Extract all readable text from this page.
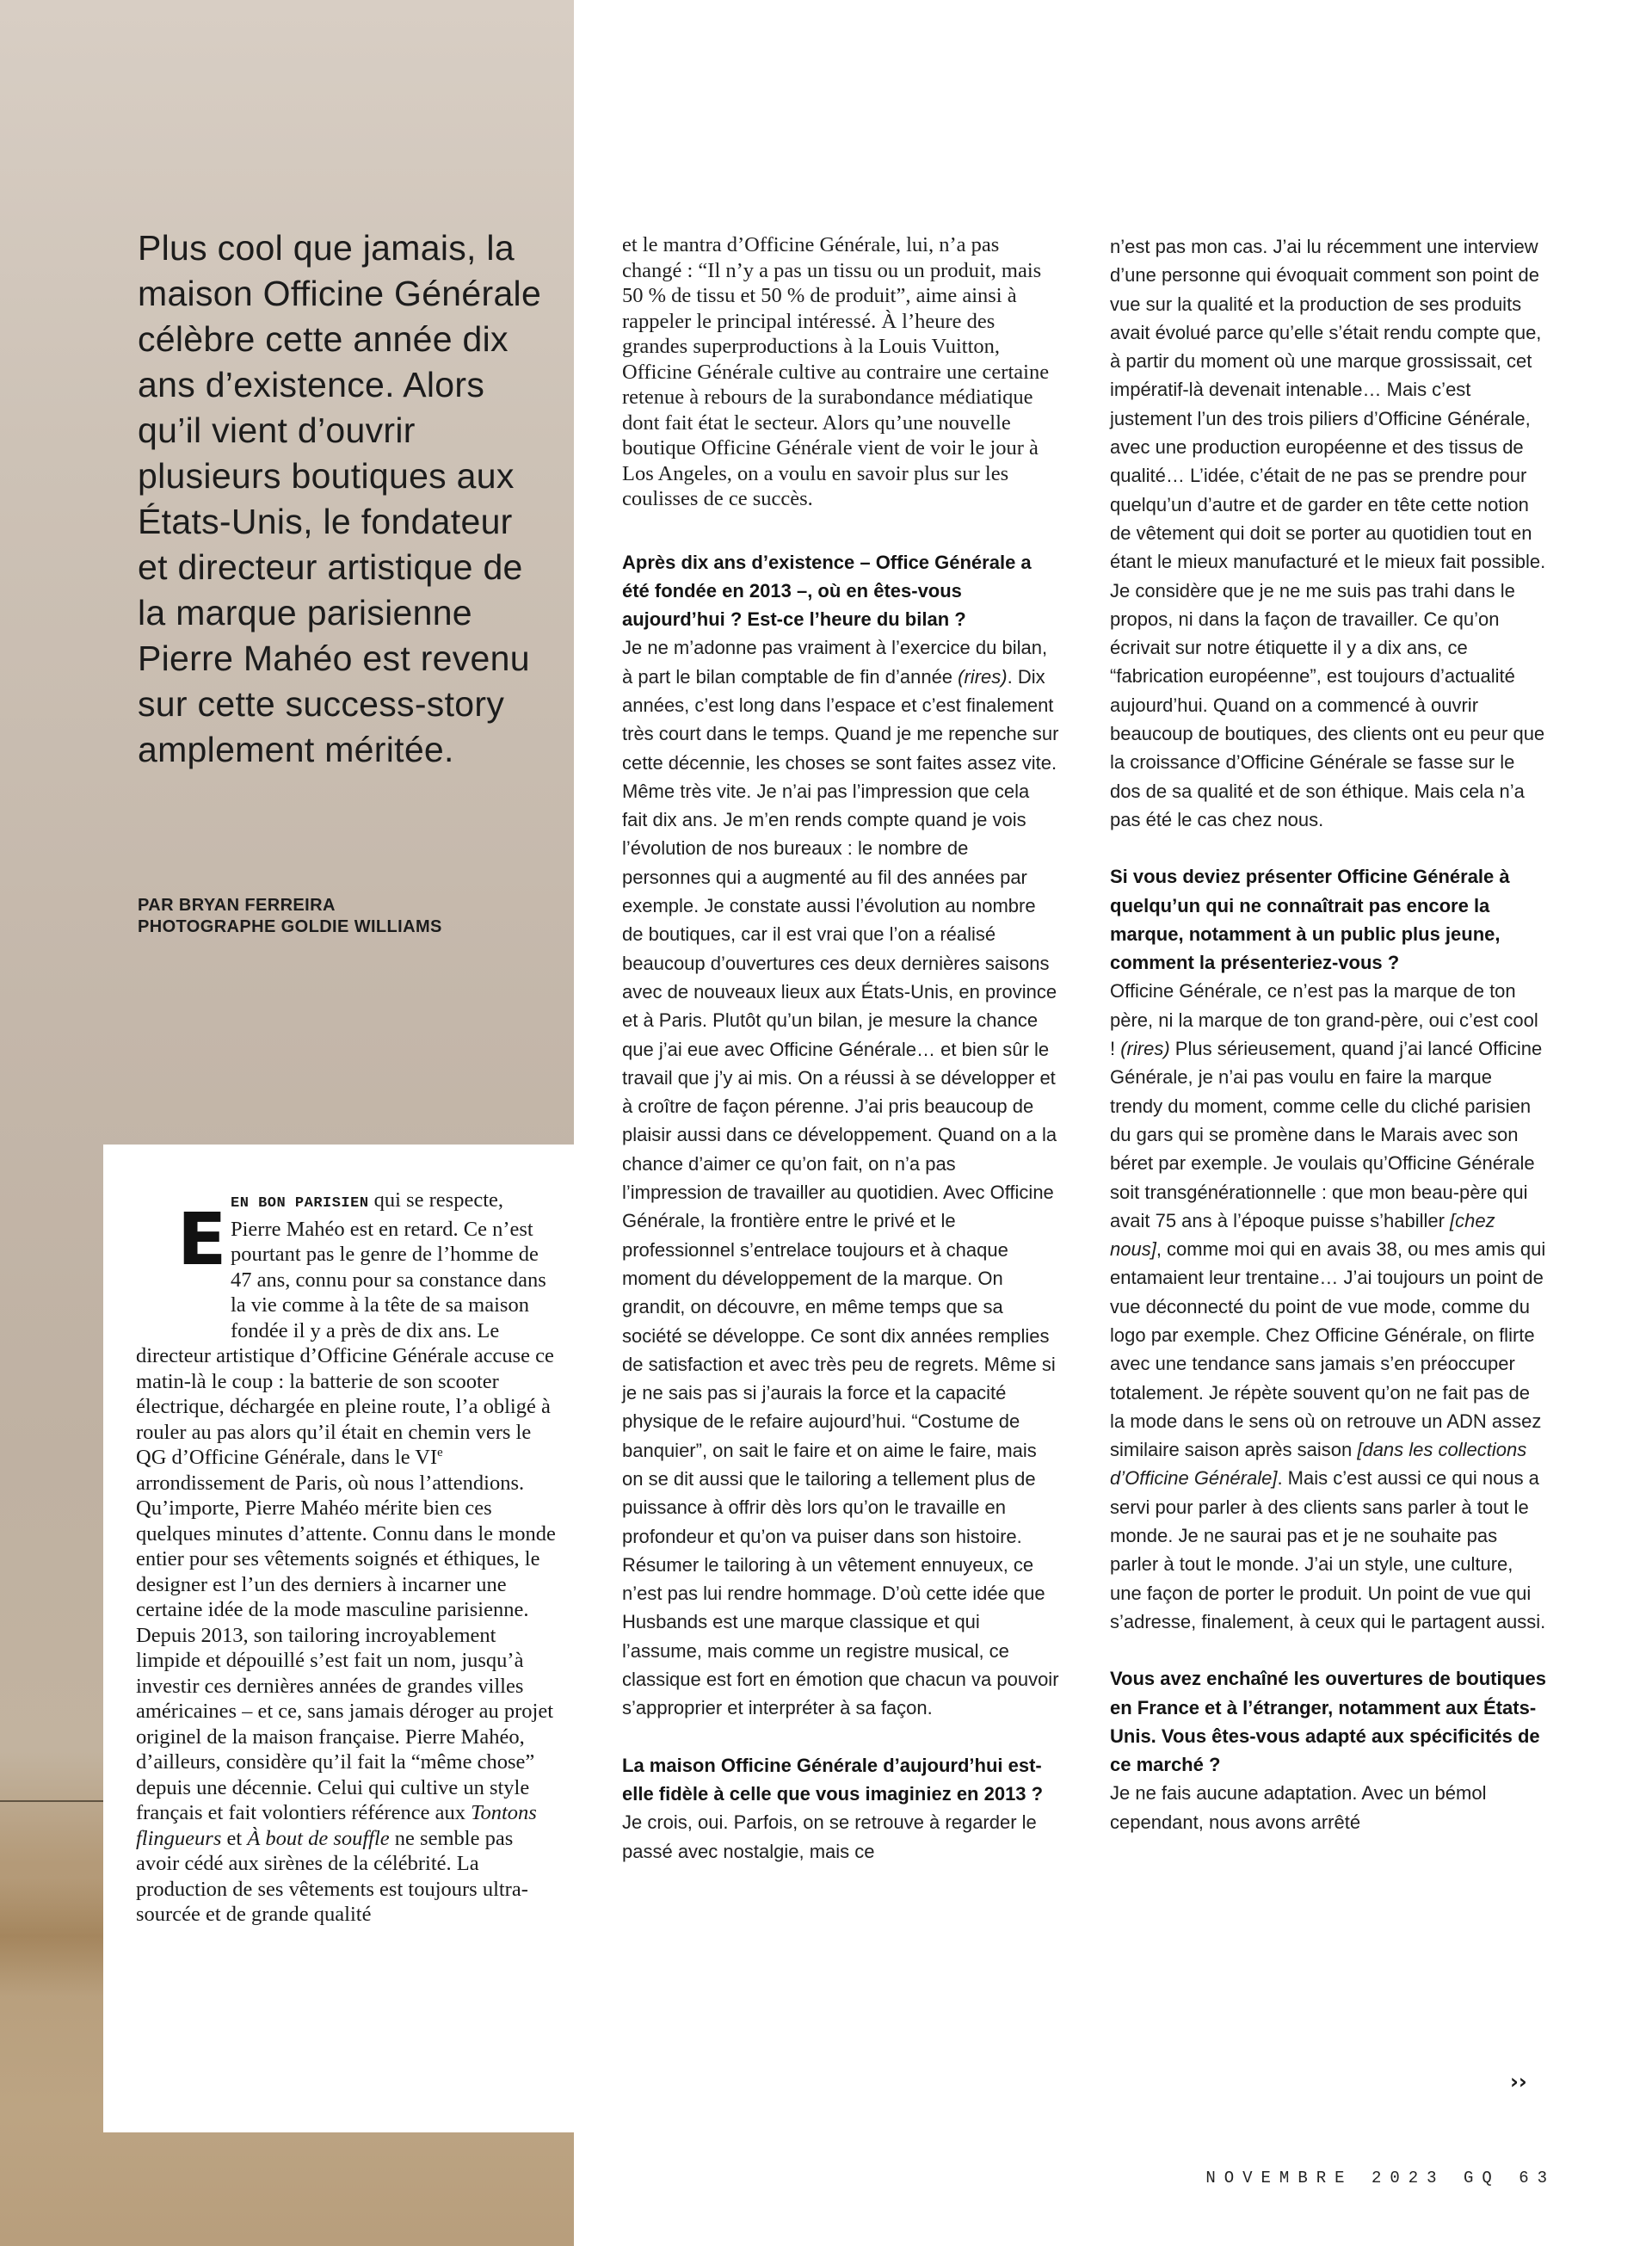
Plus cool que jamais, la maison Officine Générale célèbre cette année dix ans d’existence. Alors qu’il vient d’ouvrir plusieurs boutiques aux États-Unis, le fondateur et directeur artistique de la marque parisienne Pierre Mahéo est revenu sur cette success-story amplement méritée.
PAR BRYAN FERREIRA
PHOTOGRAPHE GOLDIE WILLIAMS
E EN BON PARISIEN qui se respecte, Pierre Mahéo est en retard. Ce n’est pourtant pas le genre de l’homme de 47 ans, connu pour sa constance dans la vie comme à la tête de sa maison fondée il y a près de dix ans. Le directeur artistique d’Officine Générale accuse ce matin-là le coup : la batterie de son scooter électrique, déchargée en pleine route, l’a obligé à rouler au pas alors qu’il était en chemin vers le QG d’Officine Générale, dans le VIe arrondissement de Paris, où nous l’attendions. Qu’importe, Pierre Mahéo mérite bien ces quelques minutes d’attente. Connu dans le monde entier pour ses vêtements soignés et éthiques, le designer est l’un des derniers à incarner une certaine idée de la mode masculine parisienne. Depuis 2013, son tailoring incroyablement limpide et dépouillé s’est fait un nom, jusqu’à investir ces dernières années de grandes villes américaines – et ce, sans jamais déroger au projet originel de la maison française. Pierre Mahéo, d’ailleurs, considère qu’il fait la “même chose” depuis une décennie. Celui qui cultive un style français et fait volontiers référence aux Tontons flingueurs et À bout de souffle ne semble pas avoir cédé aux sirènes de la célébrité. La production de ses vêtements est toujours ultra-sourcée et de grande qualité

et le mantra d’Officine Générale, lui, n’a pas changé : “Il n’y a pas un tissu ou un produit, mais 50 % de tissu et 50 % de produit”, aime ainsi à rappeler le principal intéressé. À l’heure des grandes superproductions à la Louis Vuitton, Officine Générale cultive au contraire une certaine retenue à rebours de la surabondance médiatique dont fait état le secteur. Alors qu’une nouvelle boutique Officine Générale vient de voir le jour à Los Angeles, on a voulu en savoir plus sur les coulisses de ce succès.

Après dix ans d’existence – Office Générale a été fondée en 2013 –, où en êtes-vous aujourd’hui ? Est-ce l’heure du bilan ?

Je ne m’adonne pas vraiment à l’exercice du bilan, à part le bilan comptable de fin d’année (rires). Dix années, c’est long dans l’espace et c’est finalement très court dans le temps. Quand je me repenche sur cette décennie, les choses se sont faites assez vite. Même très vite. Je n’ai pas l’impression que cela fait dix ans. Je m’en rends compte quand je vois l’évolution de nos bureaux : le nombre de personnes qui a augmenté au fil des années par exemple. Je constate aussi l’évolution au nombre de boutiques, car il est vrai que l’on a réalisé beaucoup d’ouvertures ces deux dernières saisons avec de nouveaux lieux aux États-Unis, en province et à Paris. Plutôt qu’un bilan, je mesure la chance que j’ai eue avec Officine Générale… et bien sûr le travail que j’y ai mis. On a réussi à se développer et à croître de façon pérenne. J’ai pris beaucoup de plaisir aussi dans ce développement. Quand on a la chance d’aimer ce qu’on fait, on n’a pas l’impression de travailler au quotidien. Avec Officine Générale, la frontière entre le privé et le professionnel s’entrelace toujours et à chaque moment du développement de la marque. On grandit, on découvre, en même temps que sa société se développe. Ce sont dix années remplies de satisfaction et avec très peu de regrets. Même si je ne sais pas si j’aurais la force et la capacité physique de le refaire aujourd’hui. “Costume de banquier”, on sait le faire et on aime le faire, mais on se dit aussi que le tailoring a tellement plus de puissance à offrir dès lors qu’on le travaille en profondeur et qu’on va puiser dans son histoire. Résumer le tailoring à un vêtement ennuyeux, ce n’est pas lui rendre hommage. D’où cette idée que Husbands est une marque classique et qui l’assume, mais comme un registre musical, ce classique est fort en émotion que chacun va pouvoir s’approprier et interpréter à sa façon.

La maison Officine Générale d’aujourd’hui est-elle fidèle à celle que vous imaginiez en 2013 ?

Je crois, oui. Parfois, on se retrouve à regarder le passé avec nostalgie, mais ce

n’est pas mon cas. J’ai lu récemment une interview d’une personne qui évoquait comment son point de vue sur la qualité et la production de ses produits avait évolué parce qu’elle s’était rendu compte que, à partir du moment où une marque grossissait, cet impératif-là devenait intenable… Mais c’est justement l’un des trois piliers d’Officine Générale, avec une production européenne et des tissus de qualité… L’idée, c’était de ne pas se prendre pour quelqu’un d’autre et de garder en tête cette notion de vêtement qui doit se porter au quotidien tout en étant le mieux manufacturé et le mieux fait possible. Je considère que je ne me suis pas trahi dans le propos, ni dans la façon de travailler. Ce qu’on écrivait sur notre étiquette il y a dix ans, ce “fabrication européenne”, est toujours d’actualité aujourd’hui. Quand on a commencé à ouvrir beaucoup de boutiques, des clients ont eu peur que la croissance d’Officine Générale se fasse sur le dos de sa qualité et de son éthique. Mais cela n’a pas été le cas chez nous.

Si vous deviez présenter Officine Générale à quelqu’un qui ne connaîtrait pas encore la marque, notamment à un public plus jeune, comment la présenteriez-vous ?

Officine Générale, ce n’est pas la marque de ton père, ni la marque de ton grand-père, oui c’est cool ! (rires) Plus sérieusement, quand j’ai lancé Officine Générale, je n’ai pas voulu en faire la marque trendy du moment, comme celle du cliché parisien du gars qui se promène dans le Marais avec son béret par exemple. Je voulais qu’Officine Générale soit transgénérationnelle : que mon beau-père qui avait 75 ans à l’époque puisse s’habiller [chez nous], comme moi qui en avais 38, ou mes amis qui entamaient leur trentaine… J’ai toujours un point de vue déconnecté du point de vue mode, comme du logo par exemple. Chez Officine Générale, on flirte avec une tendance sans jamais s’en préoccuper totalement. Je répète souvent qu’on ne fait pas de la mode dans le sens où on retrouve un ADN assez similaire saison après saison [dans les collections d’Officine Générale]. Mais c’est aussi ce qui nous a servi pour parler à des clients sans parler à tout le monde. Je ne saurai pas et je ne souhaite pas parler à tout le monde. J’ai un style, une culture, une façon de porter le produit. Un point de vue qui s’adresse, finalement, à ceux qui le partagent aussi.

Vous avez enchaîné les ouvertures de boutiques en France et à l’étranger, notamment aux États-Unis. Vous êtes-vous adapté aux spécificités de ce marché ?

Je ne fais aucune adaptation. Avec un bémol cependant, nous avons arrêté

››
NOVEMBRE 2023 GQ 63
